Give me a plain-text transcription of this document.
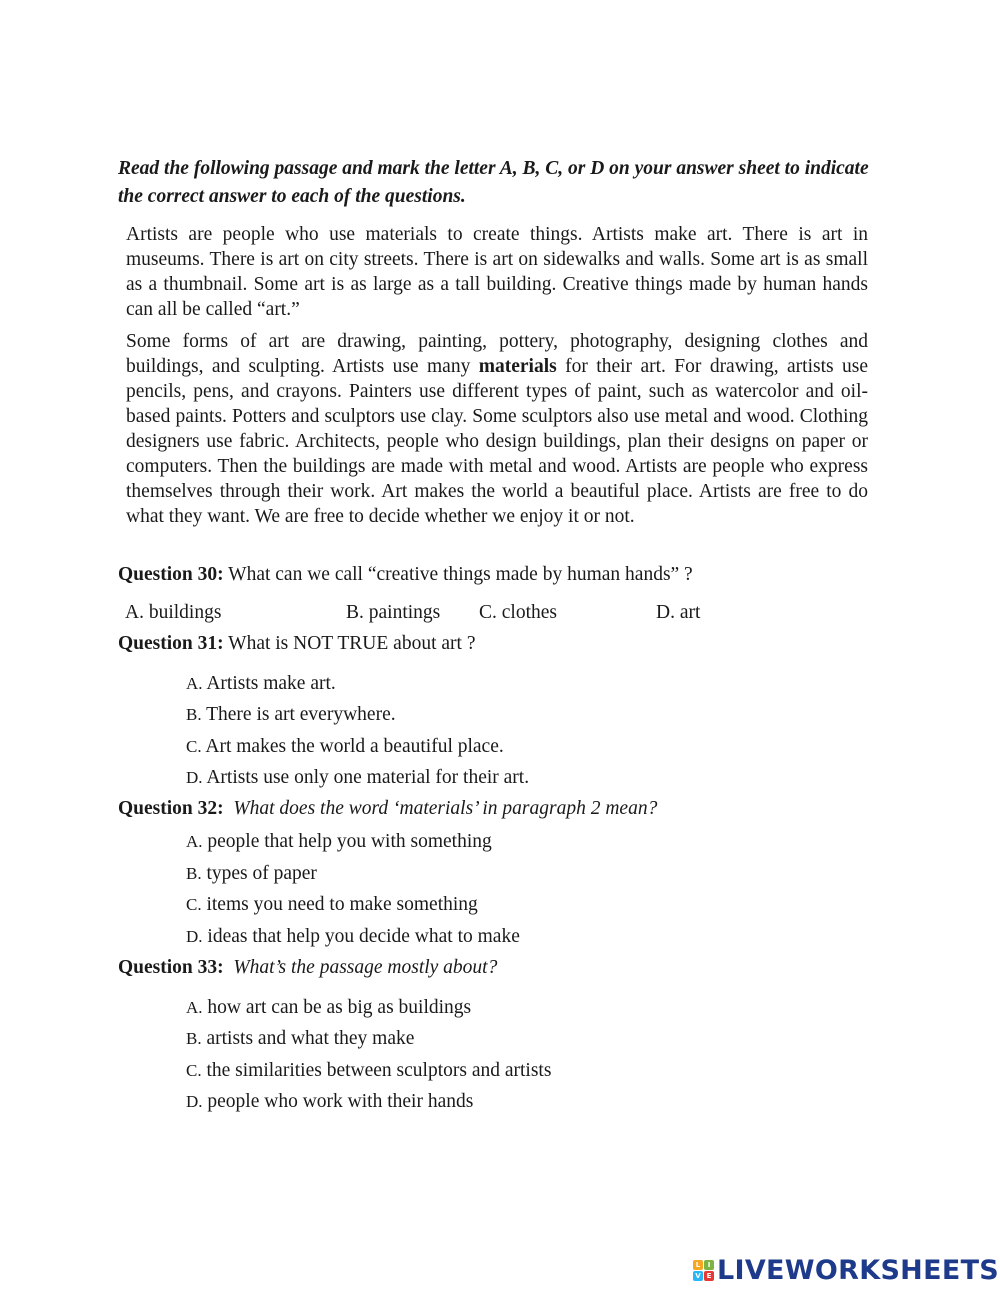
Read the following passage and mark the letter A, B, C, or D on your answer sheet to indicate the correct answer to each of the questions.

Artists are people who use materials to create things. Artists make art. There is art in museums. There is art on city streets. There is art on sidewalks and walls. Some art is as small as a thumbnail. Some art is as large as a tall building. Creative things made by human hands can all be called “art.”

Some forms of art are drawing, painting, pottery, photography, designing clothes and buildings, and sculpting. Artists use many materials for their art. For drawing, artists use pencils, pens, and crayons. Painters use different types of paint, such as watercolor and oil-based paints. Potters and sculptors use clay. Some sculptors also use metal and wood. Clothing designers use fabric. Architects, people who design buildings, plan their designs on paper or computers. Then the buildings are made with metal and wood. Artists are people who express themselves through their work. Art makes the world a beautiful place. Artists are free to do what they want. We are free to decide whether we enjoy it or not.

Question 30: What can we call “creative things made by human hands” ?
A. buildings	B. paintings C. clothes	D. art
Question 31: What is NOT TRUE about art ?
A. Artists make art.
B. There is art everywhere.
C. Art makes the world a beautiful place.
D. Artists use only one material for their art.
Question 32: What does the word ‘materials’ in paragraph 2 mean?
A. people that help you with something
B. types of paper
C. items you need to make something
D. ideas that help you decide what to make
Question 33: What’s the passage mostly about?
A. how art can be as big as buildings
B. artists and what they make
C. the similarities between sculptors and artists
D. people who work with their hands
L	I
V E LIVEWORKSHEETS
